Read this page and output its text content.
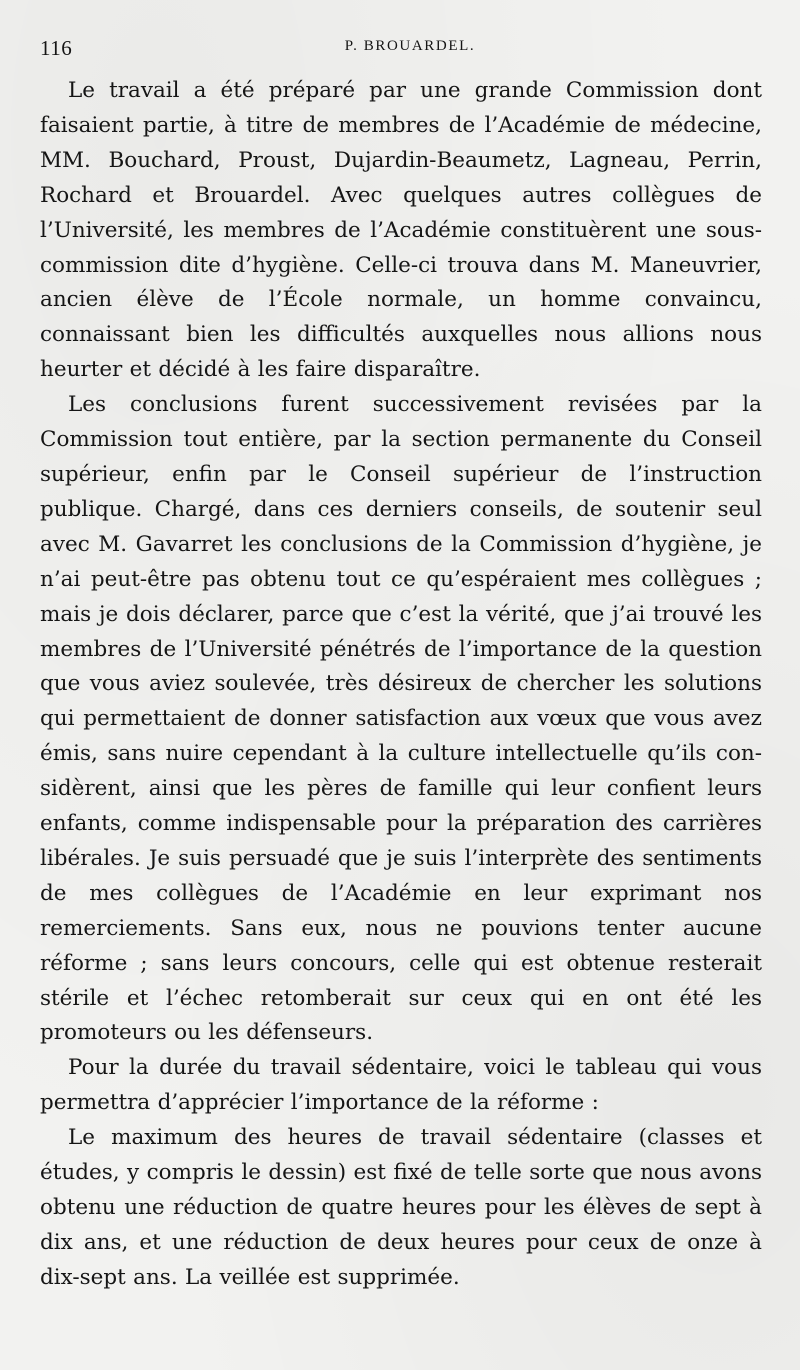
116	P. BROUARDEL.

Le travail a été préparé par une grande Commission dont faisaient partie, à titre de membres de l’Académie de médecine, MM. Bouchard, Proust, Dujardin-Beaumetz, Lagneau, Perrin, Rochard et Brouardel. Avec quelques autres collègues de l’Université, les membres de l’Académie constituèrent une sous-commission dite d’hygiène. Celle-ci trouva dans M. Maneuvrier, ancien élève de l’École normale, un homme convaincu, connaissant bien les difficultés auxquelles nous allions nous heurter et décidé à les faire disparaître.

Les conclusions furent successivement revisées par la Commission tout entière, par la section permanente du Conseil supérieur, enfin par le Conseil supérieur de l’instruction publique. Chargé, dans ces derniers conseils, de soutenir seul avec M. Gavarret les conclusions de la Commission d’hygiène, je n’ai peut-être pas obtenu tout ce qu’espéraient mes collègues ; mais je dois déclarer, parce que c’est la vérité, que j’ai trouvé les membres de l’Université pénétrés de l’importance de la question que vous aviez soulevée, très désireux de chercher les solutions qui permettaient de donner satisfaction aux vœux que vous avez émis, sans nuire cependant à la culture intellectuelle qu’ils considèrent, ainsi que les pères de famille qui leur confient leurs enfants, comme indispensable pour la préparation des carrières libérales. Je suis persuadé que je suis l’interprète des sentiments de mes collègues de l’Académie en leur exprimant nos remerciements. Sans eux, nous ne pouvions tenter aucune réforme ; sans leurs concours, celle qui est obtenue resterait stérile et l’échec retomberait sur ceux qui en ont été les promoteurs ou les défenseurs.

Pour la durée du travail sédentaire, voici le tableau qui vous permettra d’apprécier l’importance de la réforme :

Le maximum des heures de travail sédentaire (classes et études, y compris le dessin) est fixé de telle sorte que nous avons obtenu une réduction de quatre heures pour les élèves de sept à dix ans, et une réduction de deux heures pour ceux de onze à dix-sept ans. La veillée est supprimée.
